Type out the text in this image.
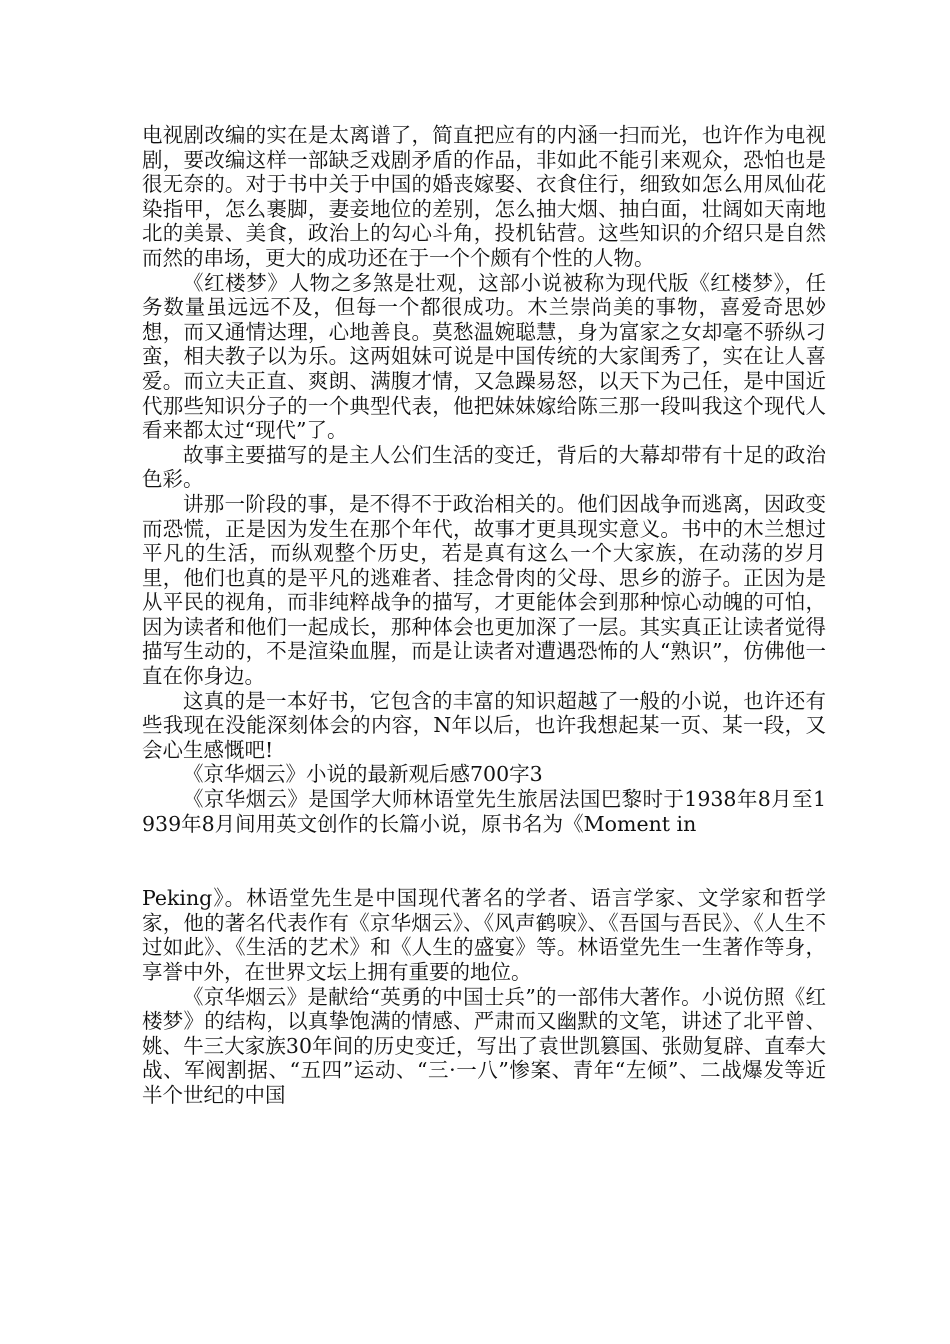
电视剧改编的实在是太离谱了，简直把应有的内涵一扫而光，也许作为电视剧，要改编这样一部缺乏戏剧矛盾的作品，非如此不能引来观众，恐怕也是很无奈的。对于书中关于中国的婚丧嫁娶、衣食住行，细致如怎么用凤仙花染指甲，怎么裹脚，妻妾地位的差别，怎么抽大烟、抽白面，壮阔如天南地北的美景、美食，政治上的勾心斗角，投机钻营。这些知识的介绍只是自然而然的串场，更大的成功还在于一个个颇有个性的人物。

《红楼梦》人物之多煞是壮观，这部小说被称为现代版《红楼梦》，任务数量虽远远不及，但每一个都很成功。木兰崇尚美的事物，喜爱奇思妙想，而又通情达理，心地善良。莫愁温婉聪慧，身为富家之女却毫不骄纵刁蛮，相夫教子以为乐。这两姐妹可说是中国传统的大家闺秀了，实在让人喜爱。而立夫正直、爽朗、满腹才情，又急躁易怒，以天下为己任，是中国近代那些知识分子的一个典型代表，他把妹妹嫁给陈三那一段叫我这个现代人看来都太过“现代”了。

故事主要描写的是主人公们生活的变迁，背后的大幕却带有十足的政治色彩。

讲那一阶段的事，是不得不于政治相关的。他们因战争而逃离，因政变而恐慌，正是因为发生在那个年代，故事才更具现实意义。书中的木兰想过平凡的生活，而纵观整个历史，若是真有这么一个大家族，在动荡的岁月里，他们也真的是平凡的逃难者、挂念骨肉的父母、思乡的游子。正因为是从平民的视角，而非纯粹战争的描写，才更能体会到那种惊心动魄的可怕，因为读者和他们一起成长，那种体会也更加深了一层。其实真正让读者觉得描写生动的，不是渲染血腥，而是让读者对遭遇恐怖的人“熟识”，仿佛他一直在你身边。

这真的是一本好书，它包含的丰富的知识超越了一般的小说，也许还有些我现在没能深刻体会的内容，N年以后，也许我想起某一页、某一段，又会心生感慨吧!

《京华烟云》小说的最新观后感700字3

《京华烟云》是国学大师林语堂先生旅居法国巴黎时于1938年8月至1939年8月间用英文创作的长篇小说，原书名为《Moment in

Peking》。林语堂先生是中国现代著名的学者、语言学家、文学家和哲学家，他的著名代表作有《京华烟云》、《风声鹤唳》、《吾国与吾民》、《人生不过如此》、《生活的艺术》和《人生的盛宴》等。林语堂先生一生著作等身，享誉中外，在世界文坛上拥有重要的地位。

《京华烟云》是献给“英勇的中国士兵”的一部伟大著作。小说仿照《红楼梦》的结构，以真挚饱满的情感、严肃而又幽默的文笔，讲述了北平曾、姚、牛三大家族30年间的历史变迁，写出了袁世凯篡国、张勋复辟、直奉大战、军阀割据、“五四”运动、“三·一八”惨案、青年“左倾”、二战爆发等近半个世纪的中国
